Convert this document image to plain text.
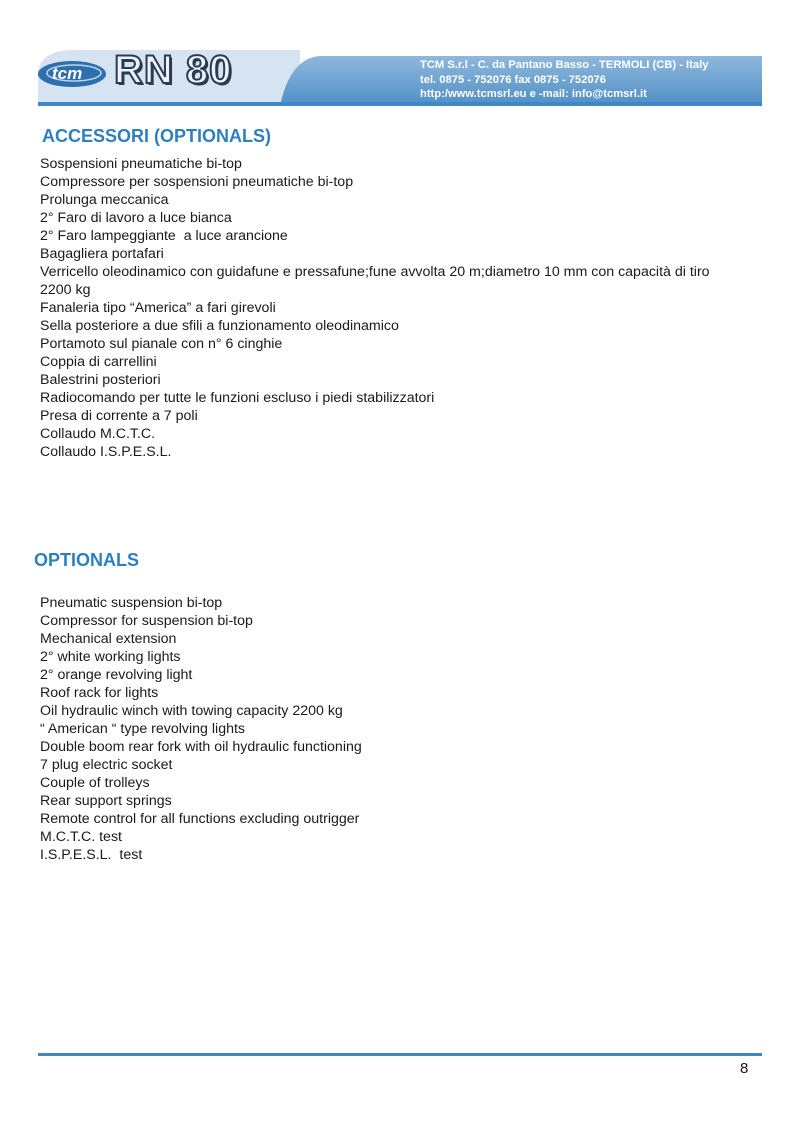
tcm RN 80	TCM S.r.l - C. da Pantano Basso - TERMOLI (CB) - Italy
tel. 0875 - 752076 fax 0875 - 752076
http:/www.tcmsrl.eu e -mail: info@tcmsrl.it
ACCESSORI (OPTIONALS)
Sospensioni pneumatiche bi-top
Compressore per sospensioni pneumatiche bi-top
Prolunga meccanica
2° Faro di lavoro a luce bianca
2° Faro lampeggiante  a luce arancione
Bagagliera portafari
Verricello oleodinamico con guidafune e pressafune;fune avvolta 20 m;diametro 10 mm con capacità di tiro 2200 kg
Fanaleria tipo “America” a fari girevoli
Sella posteriore a due sfili a funzionamento oleodinamico
Portamoto sul pianale con n° 6 cinghie
Coppia di carrellini
Balestrini posteriori
Radiocomando per tutte le funzioni escluso i piedi stabilizzatori
Presa di corrente a 7 poli
Collaudo M.C.T.C.
Collaudo I.S.P.E.S.L.
OPTIONALS
Pneumatic suspension bi-top
Compressor for suspension bi-top
Mechanical extension
2° white working lights
2° orange revolving light
Roof rack for lights
Oil hydraulic winch with towing capacity 2200 kg
“ American “ type revolving lights
Double boom rear fork with oil hydraulic functioning
7 plug electric socket
Couple of trolleys
Rear support springs
Remote control for all functions excluding outrigger
M.C.T.C. test
I.S.P.E.S.L.  test
8
